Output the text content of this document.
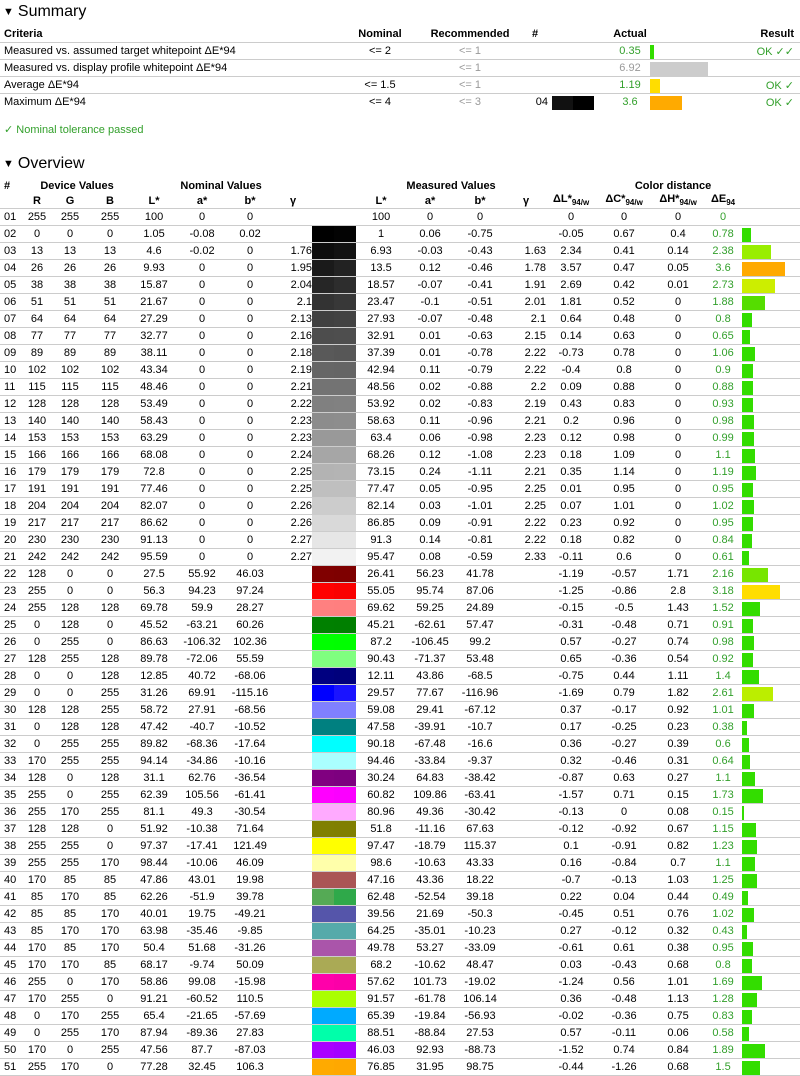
▼ Summary
Criteria	Nominal	Recommended	#		Actual		Result
Measured vs. assumed target whitepoint ΔE*94	<= 2	<= 1			0.35		OK ✓✓
Measured vs. display profile whitepoint ΔE*94		<= 1			6.92	

Average ΔE*94	<= 1.5	<= 1			1.19		OK ✓
Maximum ΔE*94	<= 4	<= 3	04		3.6		OK ✓
✓ Nominal tolerance passed
▼ Overview
#	Device Values			Nominal Values						Measured Values				Color distance				
	R	G	B	L*	a*	b*	γ			L*	a*	b*	γ	$\Delta L*_{94/w}$	$\Delta C*_{94/w}$	$\Delta H*_{94/w}$	$\Delta E_{94}$	
01	255	255	255	100	0	0				100	0	0		0	0	0	0	

02	0	0	0	1.05	-0.08	0.02				1	0.06	-0.75		-0.05	0.67	0.4	0.78	

03	13	13	13	4.6	-0.02	0	1.76			6.93	-0.03	-0.43	1.63	2.34	0.41	0.14	2.38	

04	26	26	26	9.93	0	0	1.95			13.5	0.12	-0.46	1.78	3.57	0.47	0.05	3.6	

05	38	38	38	15.87	0	0	2.04			18.57	-0.07	-0.41	1.91	2.69	0.42	0.01	2.73	

06	51	51	51	21.67	0	0	2.1			23.47	-0.1	-0.51	2.01	1.81	0.52	0	1.88	

07	64	64	64	27.29	0	0	2.13			27.93	-0.07	-0.48	2.1	0.64	0.48	0	0.8	

08	77	77	77	32.77	0	0	2.16			32.91	0.01	-0.63	2.15	0.14	0.63	0	0.65	

09	89	89	89	38.11	0	0	2.18			37.39	0.01	-0.78	2.22	-0.73	0.78	0	1.06	

10	102	102	102	43.34	0	0	2.19			42.94	0.11	-0.79	2.22	-0.4	0.8	0	0.9	

11	115	115	115	48.46	0	0	2.21			48.56	0.02	-0.88	2.2	0.09	0.88	0	0.88	

12	128	128	128	53.49	0	0	2.22			53.92	0.02	-0.83	2.19	0.43	0.83	0	0.93	

13	140	140	140	58.43	0	0	2.23			58.63	0.11	-0.96	2.21	0.2	0.96	0	0.98	

14	153	153	153	63.29	0	0	2.23			63.4	0.06	-0.98	2.23	0.12	0.98	0	0.99	

15	166	166	166	68.08	0	0	2.24			68.26	0.12	-1.08	2.23	0.18	1.09	0	1.1	

16	179	179	179	72.8	0	0	2.25			73.15	0.24	-1.11	2.21	0.35	1.14	0	1.19	

17	191	191	191	77.46	0	0	2.25			77.47	0.05	-0.95	2.25	0.01	0.95	0	0.95	

18	204	204	204	82.07	0	0	2.26			82.14	0.03	-1.01	2.25	0.07	1.01	0	1.02	

19	217	217	217	86.62	0	0	2.26			86.85	0.09	-0.91	2.22	0.23	0.92	0	0.95	

20	230	230	230	91.13	0	0	2.27			91.3	0.14	-0.81	2.22	0.18	0.82	0	0.84	

21	242	242	242	95.59	0	0	2.27			95.47	0.08	-0.59	2.33	-0.11	0.6	0	0.61	

22	128	0	0	27.5	55.92	46.03				26.41	56.23	41.78		-1.19	-0.57	1.71	2.16	

23	255	0	0	56.3	94.23	97.24				55.05	95.74	87.06		-1.25	-0.86	2.8	3.18	

24	255	128	128	69.78	59.9	28.27				69.62	59.25	24.89		-0.15	-0.5	1.43	1.52	

25	0	128	0	45.52	-63.21	60.26				45.21	-62.61	57.47		-0.31	-0.48	0.71	0.91	

26	0	255	0	86.63	-106.32	102.36				87.2	-106.45	99.2		0.57	-0.27	0.74	0.98	

27	128	255	128	89.78	-72.06	55.59				90.43	-71.37	53.48		0.65	-0.36	0.54	0.92	

28	0	0	128	12.85	40.72	-68.06				12.11	43.86	-68.5		-0.75	0.44	1.11	1.4	

29	0	0	255	31.26	69.91	-115.16				29.57	77.67	-116.96		-1.69	0.79	1.82	2.61	

30	128	128	255	58.72	27.91	-68.56				59.08	29.41	-67.12		0.37	-0.17	0.92	1.01	

31	0	128	128	47.42	-40.7	-10.52				47.58	-39.91	-10.7		0.17	-0.25	0.23	0.38	

32	0	255	255	89.82	-68.36	-17.64				90.18	-67.48	-16.6		0.36	-0.27	0.39	0.6	

33	170	255	255	94.14	-34.86	-10.16				94.46	-33.84	-9.37		0.32	-0.46	0.31	0.64	

34	128	0	128	31.1	62.76	-36.54				30.24	64.83	-38.42		-0.87	0.63	0.27	1.1	

35	255	0	255	62.39	105.56	-61.41				60.82	109.86	-63.41		-1.57	0.71	0.15	1.73	

36	255	170	255	81.1	49.3	-30.54				80.96	49.36	-30.42		-0.13	0	0.08	0.15	

37	128	128	0	51.92	-10.38	71.64				51.8	-11.16	67.63		-0.12	-0.92	0.67	1.15	

38	255	255	0	97.37	-17.41	121.49				97.47	-18.79	115.37		0.1	-0.91	0.82	1.23	

39	255	255	170	98.44	-10.06	46.09				98.6	-10.63	43.33		0.16	-0.84	0.7	1.1	

40	170	85	85	47.86	43.01	19.98				47.16	43.36	18.22		-0.7	-0.13	1.03	1.25	

41	85	170	85	62.26	-51.9	39.78				62.48	-52.54	39.18		0.22	0.04	0.44	0.49	

42	85	85	170	40.01	19.75	-49.21				39.56	21.69	-50.3		-0.45	0.51	0.76	1.02	

43	85	170	170	63.98	-35.46	-9.85				64.25	-35.01	-10.23		0.27	-0.12	0.32	0.43	

44	170	85	170	50.4	51.68	-31.26				49.78	53.27	-33.09		-0.61	0.61	0.38	0.95	

45	170	170	85	68.17	-9.74	50.09				68.2	-10.62	48.47		0.03	-0.43	0.68	0.8	

46	255	0	170	58.86	99.08	-15.98				57.62	101.73	-19.02		-1.24	0.56	1.01	1.69	

47	170	255	0	91.21	-60.52	110.5				91.57	-61.78	106.14		0.36	-0.48	1.13	1.28	

48	0	170	255	65.4	-21.65	-57.69				65.39	-19.84	-56.93		-0.02	-0.36	0.75	0.83	

49	0	255	170	87.94	-89.36	27.83				88.51	-88.84	27.53		0.57	-0.11	0.06	0.58	

50	170	0	255	47.56	87.7	-87.03				46.03	92.93	-88.73		-1.52	0.74	0.84	1.89	

51	255	170	0	77.28	32.45	106.3				76.85	31.95	98.75		-0.44	-1.26	0.68	1.5	
